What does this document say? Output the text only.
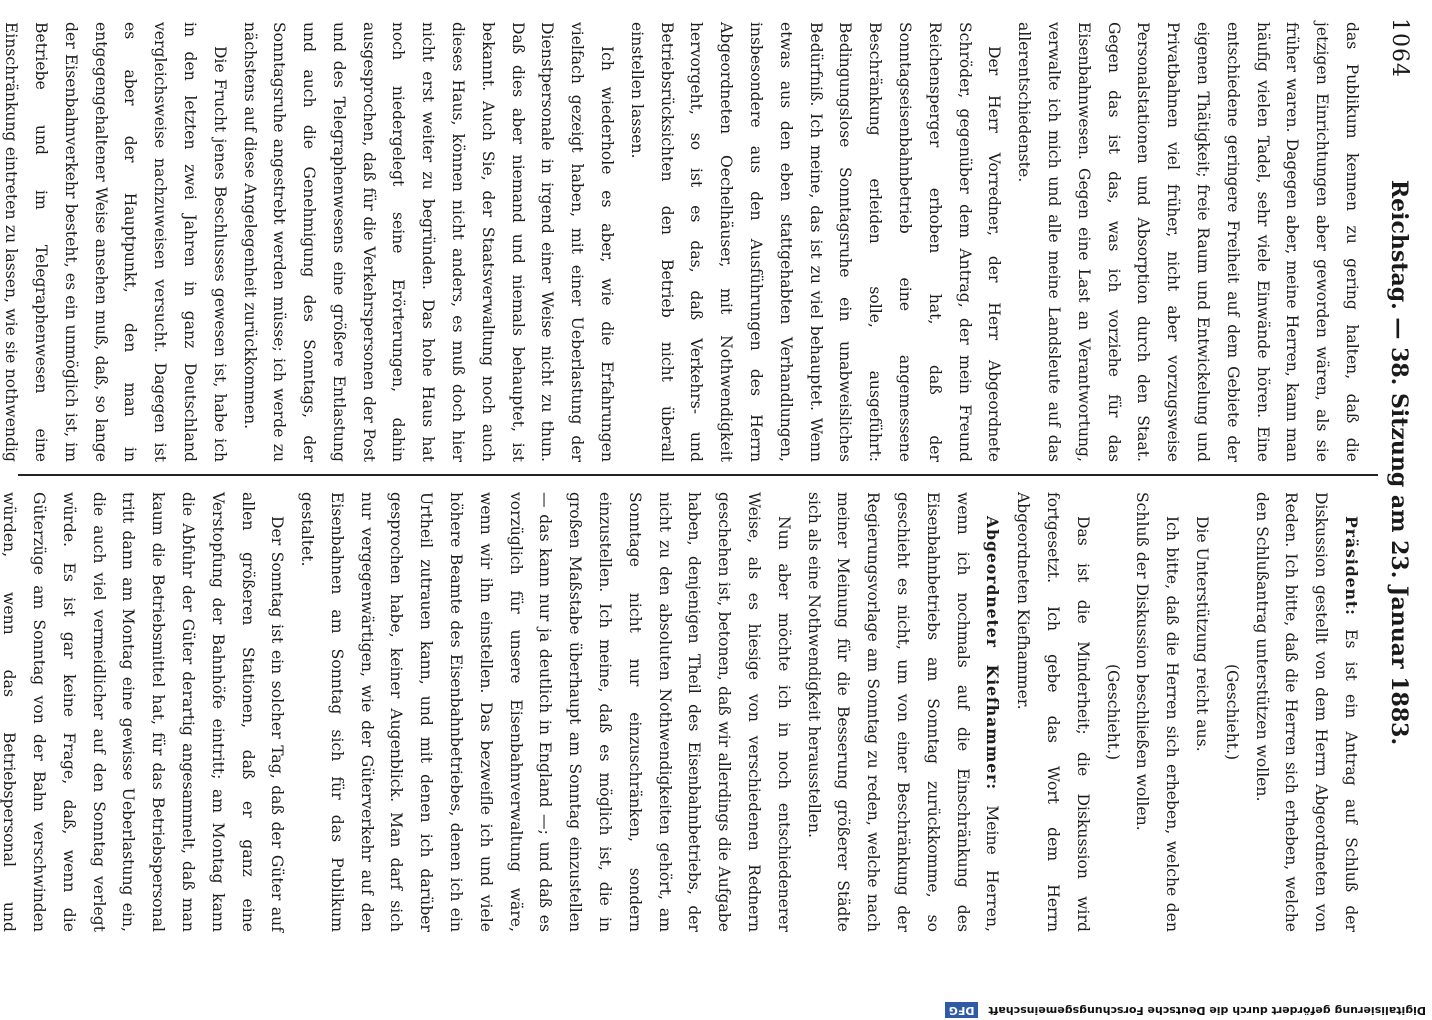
1064
Reichstag. — 38. Sitzung am 23. Januar 1883.

das Publikum kennen zu gering halten, daß die jetzigen Einrichtungen aber geworden wären, als sie früher waren. Dagegen aber, meine Herren, kann man häufig vielen Tadel, sehr viele Einwände hören. Eine entschiedene geringere Freiheit auf dem Gebiete der eigenen Thätigkeit; freie Raum und Entwickelung und Privatbahnen viel früher, nicht aber vorzugsweise Personalstationen und Absorption durch den Staat. Gegen das ist das, was ich vorziehe für das Eisenbahnwesen. Gegen eine Last an Verantwortung, verwalte ich mich und alle meine Landsleute auf das allerentschiedenste.

Der Herr Vorredner, der Herr Abgeordnete Schröder, gegenüber dem Antrag, der mein Freund Reichensperger erhoben hat, daß der Sonntagseisenbahnbetrieb eine angemessene Beschränkung erleiden solle, ausgeführt: Bedingungslose Sonntagsruhe ein unabweisliches Bedürfniß. Ich meine, das ist zu viel behauptet. Wenn etwas aus den eben stattgehabten Verhandlungen, insbesondere aus den Ausführungen des Herrn Abgeordneten Oechelhäuser, mit Nothwendigkeit hervorgeht, so ist es das, daß Verkehrs- und Betriebsrücksichten den Betrieb nicht überall einstellen lassen.

Ich wiederhole es aber, wie die Erfahrungen vielfach gezeigt haben, mit einer Ueberlastung der Dienstpersonale in irgend einer Weise nicht zu thun. Daß dies aber niemand und niemals behauptet, ist bekannt. Auch Sie, der Staatsverwaltung noch auch dieses Haus, können nicht anders, es muß doch hier nicht erst weiter zu begründen. Das hohe Haus hat noch niedergelegt seine Erörterungen, dahin ausgesprochen, daß für die Verkehrspersonen der Post und des Telegraphenwesens eine größere Entlastung und auch die Genehmigung des Sonntags, der Sonntagsruhe angestrebt werden müsse; ich werde zu nächstens auf diese Angelegenheit zurückkommen.

Die Frucht jenes Beschlusses gewesen ist, habe ich in den letzten zwei Jahren in ganz Deutschland vergleichsweise nachzuweisen versucht. Dagegen ist es aber der Hauptpunkt, den man in entgegengehaltener Weise ansehen muß, daß, so lange der Eisenbahnverkehr besteht, es ein unmöglich ist, im Betriebe und im Telegraphenwesen eine Einschränkung eintreten zu lassen, wie sie nothwendig

Präsident: Es ist ein Antrag auf Schluß der Diskussion gestellt von dem Herrn Abgeordneten von Reden. Ich bitte, daß die Herren sich erheben, welche den Schlußantrag unterstützen wollen.

(Geschieht.)

Die Unterstützung reicht aus.

Ich bitte, daß die Herren sich erheben, welche den Schluß der Diskussion beschließen wollen.

(Geschieht.)

Das ist die Minderheit; die Diskussion wird fortgesetzt. Ich gebe das Wort dem Herrn Abgeordneten Kiefhammer.

Abgeordneter Kiefhammer: Meine Herren, wenn ich nochmals auf die Einschränkung des Eisenbahnbetriebs am Sonntag zurückkomme, so geschieht es nicht, um von einer Beschränkung der Regierungsvorlage am Sonntag zu reden, welche nach meiner Meinung für die Besserung größerer Städte sich als eine Nothwendigkeit herausstellen.

Nun aber möchte ich in noch entschiedenerer Weise, als es hiesige von verschiedenen Rednern geschehen ist, betonen, daß wir allerdings die Aufgabe haben, denjenigen Theil des Eisenbahnbetriebs, der nicht zu den absoluten Nothwendigkeiten gehört, am Sonntage nicht nur einzuschränken, sondern einzustellen. Ich meine, daß es möglich ist, die in großen Maßstabe überhaupt am Sonntag einzustellen — das kann nur ja deutlich in England —; und daß es vorzüglich für unsere Eisenbahnverwaltung wäre, wenn wir ihn einstellen. Das bezweifle ich und viele höhere Beamte des Eisenbahnbetriebes, denen ich ein Urtheil zutrauen kann, und mit denen ich darüber gesprochen habe, keiner Augenblick. Man darf sich nur vergegenwärtigen, wie der Güterverkehr auf den Eisenbahnen am Sonntag sich für das Publikum gestaltet.

Der Sonntag ist ein solcher Tag, daß der Güter auf allen größeren Stationen, daß er ganz eine Verstopfung der Bahnhöfe eintritt; am Montag kann die Abfuhr der Güter derartig angesammelt, daß man kaum die Betriebsmittel hat, für das Betriebspersonal tritt dann am Montag eine gewisse Ueberlastung ein, die auch viel vermeidlicher auf den Sonntag verlegt würde. Es ist gar keine Frage, daß, wenn die Güterzüge am Sonntag von der Bahn verschwinden würden, wenn das Betriebspersonal und

Digitalisierung gefördert durch die Deutsche Forschungsgemeinschaft DFG
